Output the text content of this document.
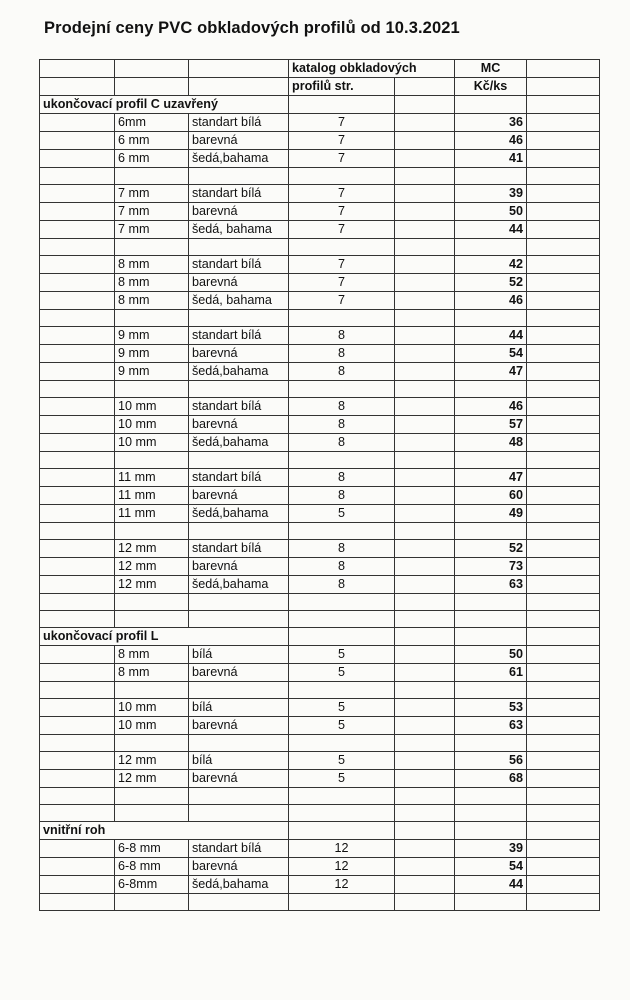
Prodejní ceny PVC obkladových profilů od 10.3.2021
			katalog obkladových		MC	
			profilů str.		Kč/ks	
ukončovací profil C uzavřený						
	6mm	standart bílá	7		36	
	6 mm	barevná	7		46	
	6 mm	šedá,bahama	7		41	

	7 mm	standart bílá	7		39	
	7 mm	barevná	7		50	
	7 mm	šedá, bahama	7		44	

	8 mm	standart bílá	7		42	
	8 mm	barevná	7		52	
	8 mm	šedá, bahama	7		46	

	9 mm	standart bílá	8		44	
	9 mm	barevná	8		54	
	9 mm	šedá,bahama	8		47	

	10 mm	standart bílá	8		46	
	10 mm	barevná	8		57	
	10 mm	šedá,bahama	8		48	

	11 mm	standart bílá	8		47	
	11 mm	barevná	8		60	
	11 mm	šedá,bahama	5		49	

	12 mm	standart bílá	8		52	
	12 mm	barevná	8		73	
	12 mm	šedá,bahama	8		63	

ukončovací profil L						
	8 mm	bílá	5		50	
	8 mm	barevná	5		61	

	10 mm	bílá	5		53	
	10 mm	barevná	5		63	

	12 mm	bílá	5		56	
	12 mm	barevná	5		68	

vnitřní roh						
	6-8 mm	standart bílá	12		39	
	6-8 mm	barevná	12		54	
	6-8mm	šedá,bahama	12		44	
